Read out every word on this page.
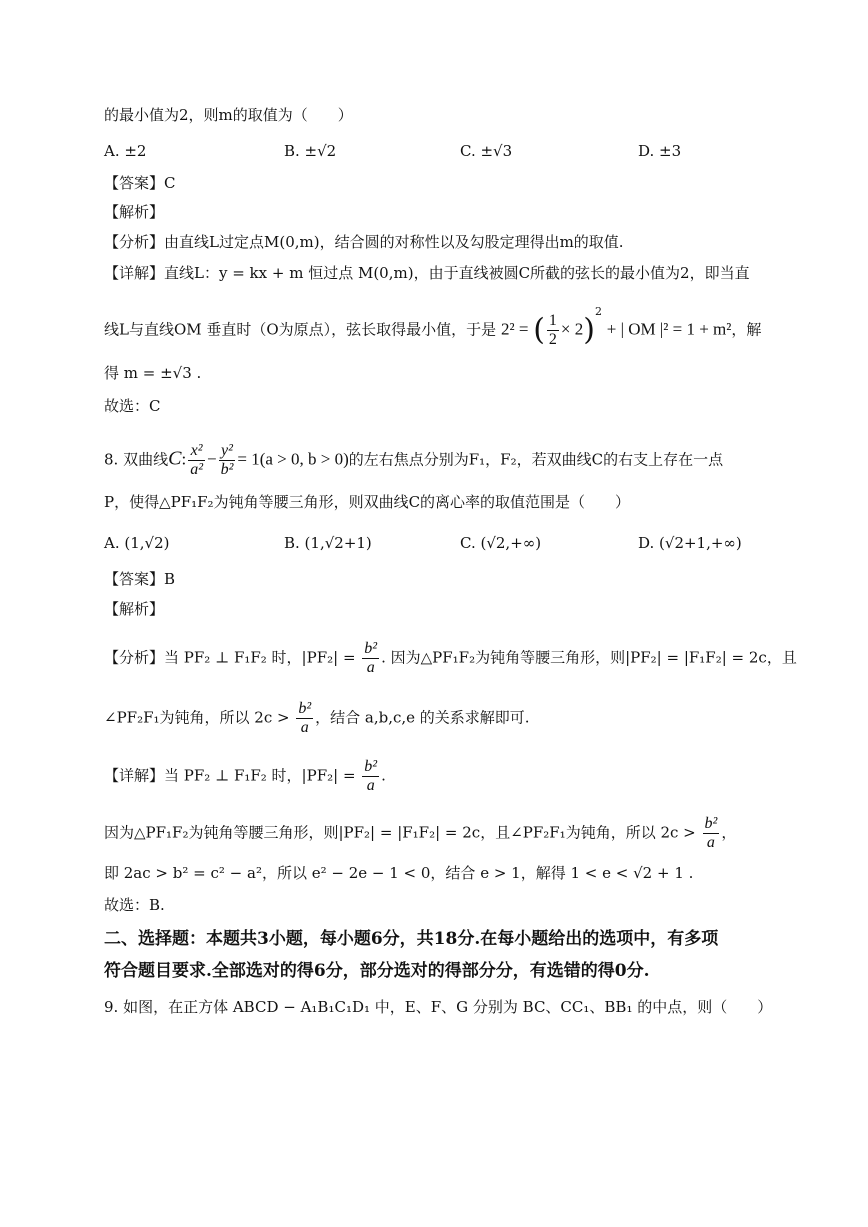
的最小值为2，则m的取值为（　　）
A. ±2	B. ±√2	C. ±√3	D. ±3
【答案】C
【解析】
【分析】由直线L过定点M(0,m)，结合圆的对称性以及勾股定理得出m的取值.
【详解】直线L：y = kx + m 恒过点 M(0,m)，由于直线被圆C所截的弦长的最小值为2，即当直
线L与直线OM 垂直时（O为原点），弦长取得最小值，于是 2² = ( $\frac{1}{2} \times 2)^2$ + | OM |² = 1 + m²，解
得 m = ±√3 .
故选：C
8. 双曲线C: $\frac{\text{x²}}{\text{a²}} - \frac{\text{y²}}{\text{b²}} = 1(a > 0$, b > 0)的左右焦点分别为F₁，F₂，若双曲线C的右支上存在一点
P，使得△PF₁F₂为钝角等腰三角形，则双曲线C的离心率的取值范围是（　　）
A. (1,√2)	B. (1,√2+1)	C. (√2,+∞)	D. (√2+1,+∞)
【答案】B
【解析】
【分析】当 PF₂ ⊥ F₁F₂ 时，$|PF_2| = \frac{\text{b²}}{a}$ . 因为△PF₁F₂为钝角等腰三角形，则|PF₂| = |F₁F₂| = 2c，且
∠PF₂F₁为钝角，所以 $2c > \frac{\text{b²}}{a}$ ，结合 a,b,c,e 的关系求解即可.
【详解】当 PF₂ ⊥ F₁F₂ 时，$|PF_2| = \frac{\text{b²}}{a}$ .
因为△PF₁F₂为钝角等腰三角形，则|PF₂| = |F₁F₂| = 2c，且∠PF₂F₁为钝角，所以 $2c > \frac{\text{b²}}{a}$ ，
即 2ac > b² = c² − a²，所以 e² − 2e − 1 < 0，结合 e > 1，解得 1 < e < √2 + 1 .
故选：B.
二、选择题：本题共3小题，每小题6分，共18分.在每小题给出的选项中，有多项
符合题目要求.全部选对的得6分，部分选对的得部分分，有选错的得0分.
9. 如图，在正方体 ABCD − A₁B₁C₁D₁ 中，E、F、G 分别为 BC、CC₁、BB₁ 的中点，则（　　）
